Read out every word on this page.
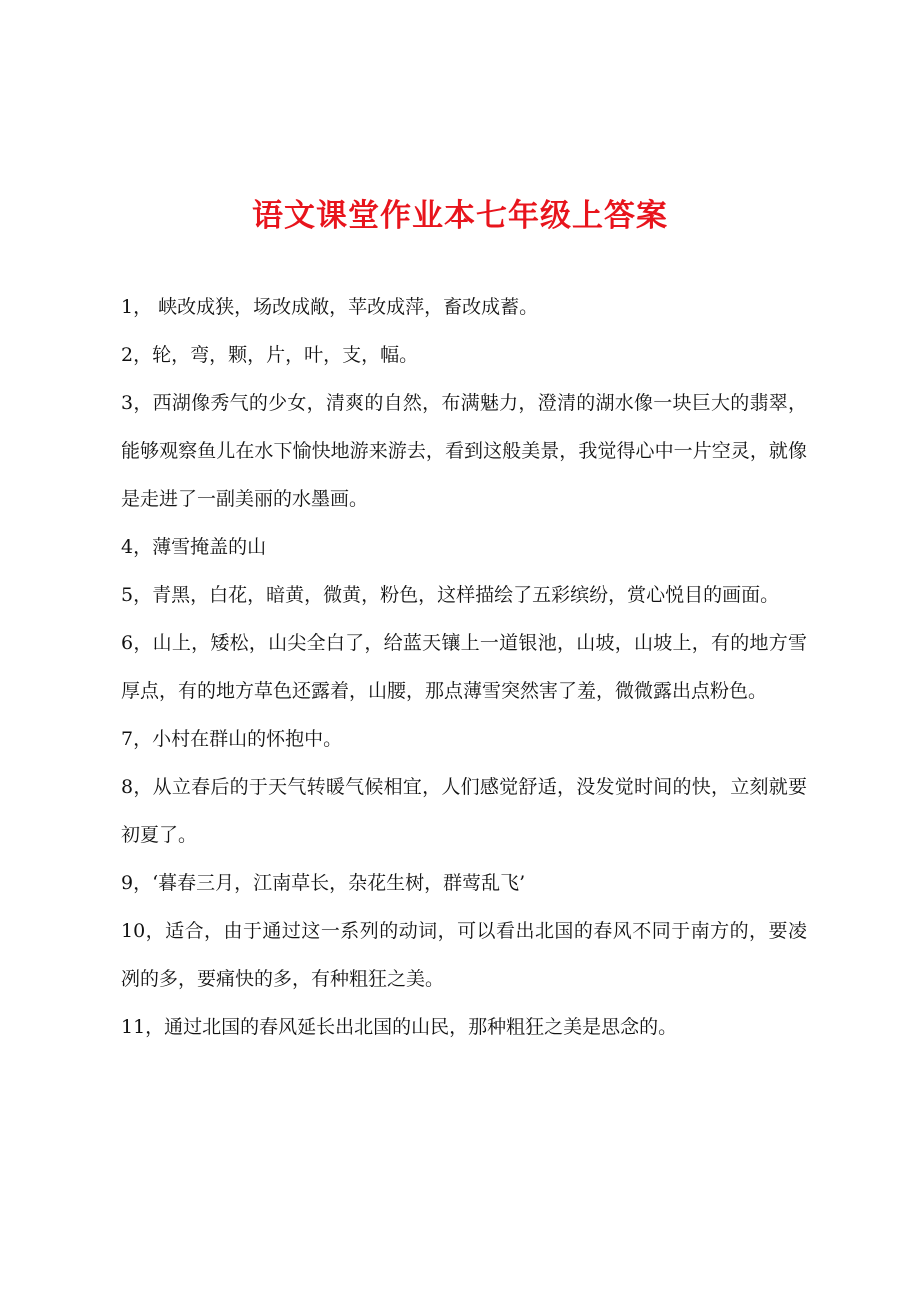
语文课堂作业本七年级上答案

1， 峡改成狭，场改成敞，苹改成萍，畜改成蓄。

2，轮，弯，颗，片，叶，支，幅。

3，西湖像秀气的少女，清爽的自然，布满魅力，澄清的湖水像一块巨大的翡翠，能够观察鱼儿在水下愉快地游来游去，看到这般美景，我觉得心中一片空灵，就像是走进了一副美丽的水墨画。

4，薄雪掩盖的山

5，青黑，白花，暗黄，微黄，粉色，这样描绘了五彩缤纷，赏心悦目的画面。

6，山上，矮松，山尖全白了，给蓝天镶上一道银池，山坡，山坡上，有的地方雪厚点，有的地方草色还露着，山腰，那点薄雪突然害了羞，微微露出点粉色。

7，小村在群山的怀抱中。

8，从立春后的于天气转暖气候相宜，人们感觉舒适，没发觉时间的快，立刻就要初夏了。

9，‘暮春三月，江南草长，杂花生树，群莺乱飞’

10，适合，由于通过这一系列的动词，可以看出北国的春风不同于南方的，要凌冽的多，要痛快的多，有种粗狂之美。

11，通过北国的春风延长出北国的山民，那种粗狂之美是思念的。
